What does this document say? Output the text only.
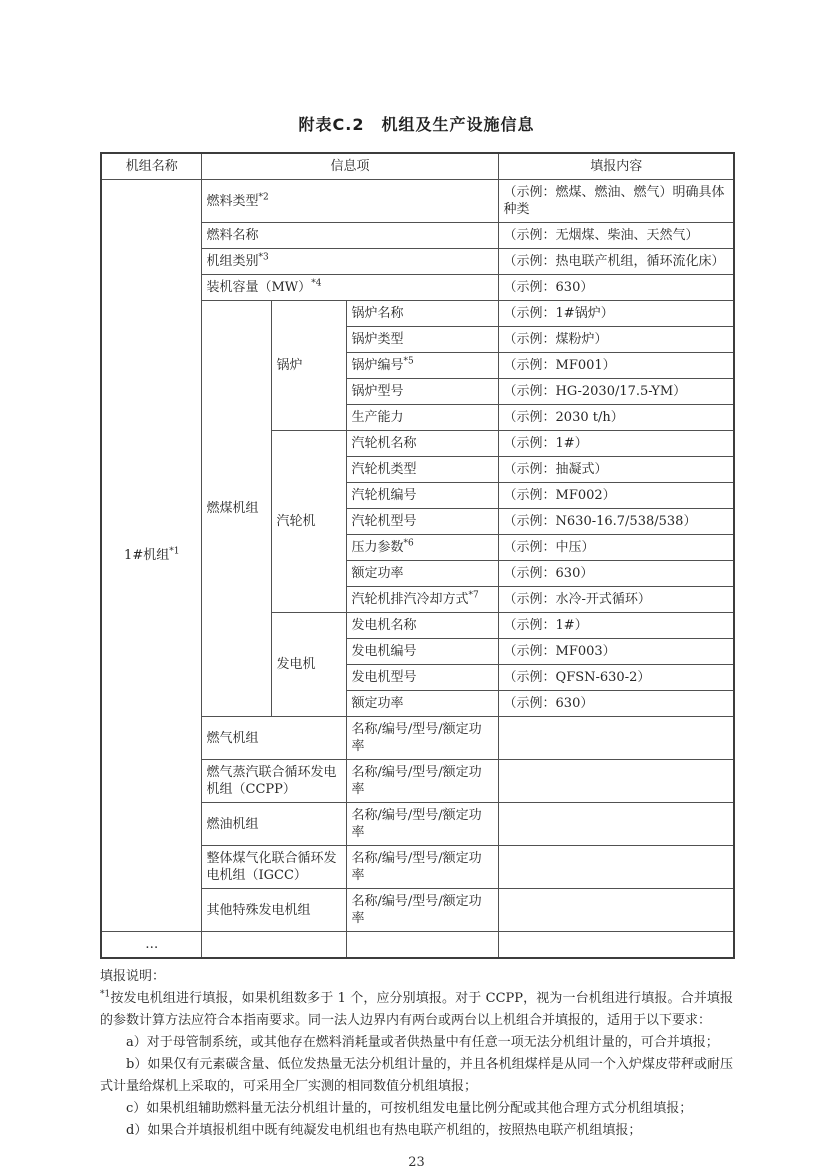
附表C.2　机组及生产设施信息
机组名称	信息项			填报内容
1#机组$^{*1}$	燃料类型$^{*2}$			（示例：燃煤、燃油、燃气）明确具体种类
	燃料名称			（示例：无烟煤、柴油、天然气）
	机组类别$^{*3}$			（示例：热电联产机组，循环流化床）
	装机容量（MW）$^{*4}$			（示例：630）
	燃煤机组	锅炉	锅炉名称	（示例：1#锅炉）
			锅炉类型	（示例：煤粉炉）
			锅炉编号$^{*5}$	（示例：MF001）
			锅炉型号	（示例：HG-2030/17.5-YM）
			生产能力	（示例：2030 t/h）
		汽轮机	汽轮机名称	（示例：1#）
			汽轮机类型	（示例：抽凝式）
			汽轮机编号	（示例：MF002）
			汽轮机型号	（示例：N630-16.7/538/538）
			压力参数$^{*6}$	（示例：中压）
			额定功率	（示例：630）
			汽轮机排汽冷却方式$^{*7}$	（示例：水冷-开式循环）
		发电机	发电机名称	（示例：1#）
			发电机编号	（示例：MF003）
			发电机型号	（示例：QFSN-630-2）
			额定功率	（示例：630）
	燃气机组		名称/编号/型号/额定功率	
	燃气蒸汽联合循环发电机组（CCPP）		名称/编号/型号/额定功率	
	燃油机组		名称/编号/型号/额定功率	
	整体煤气化联合循环发电机组（IGCC）		名称/编号/型号/额定功率	
	其他特殊发电机组		名称/编号/型号/额定功率	
…				

填报说明：

$^{*1}$按发电机组进行填报，如果机组数多于 1 个，应分别填报。对于 CCPP，视为一台机组进行填报。合并填报的参数计算方法应符合本指南要求。同一法人边界内有两台或两台以上机组合并填报的，适用于以下要求：

a）对于母管制系统，或其他存在燃料消耗量或者供热量中有任意一项无法分机组计量的，可合并填报；

b）如果仅有元素碳含量、低位发热量无法分机组计量的，并且各机组煤样是从同一个入炉煤皮带秤或耐压式计量给煤机上采取的，可采用全厂实测的相同数值分机组填报；

c）如果机组辅助燃料量无法分机组计量的，可按机组发电量比例分配或其他合理方式分机组填报；

d）如果合并填报机组中既有纯凝发电机组也有热电联产机组的，按照热电联产机组填报；

23
